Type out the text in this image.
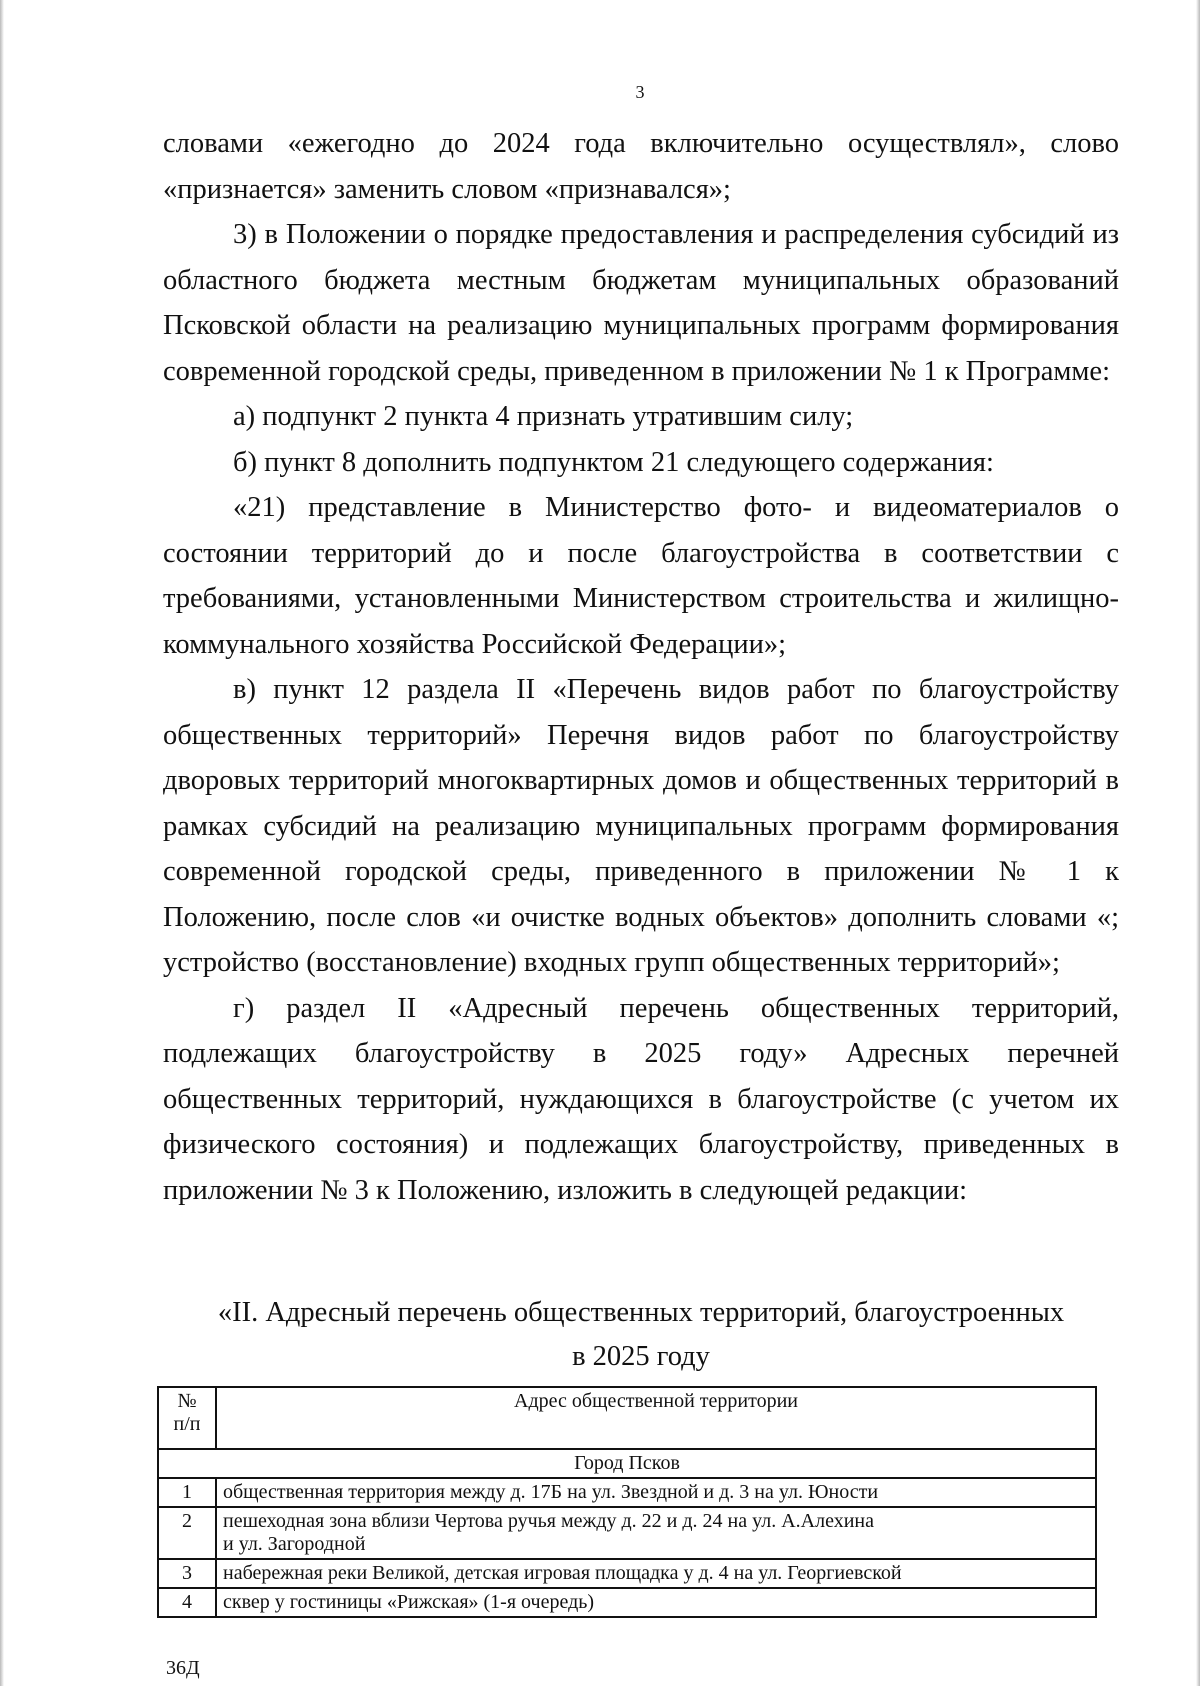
3

словами «ежегодно до 2024 года включительно осуществлял», слово «признается» заменить словом «признавался»;

3) в Положении о порядке предоставления и распределения субсидий из областного бюджета местным бюджетам муниципальных образований Псковской области на реализацию муниципальных программ формирования современной городской среды, приведенном в приложении № 1 к Программе:

а) подпункт 2 пункта 4 признать утратившим силу;

б) пункт 8 дополнить подпунктом 21 следующего содержания:

«21) представление в Министерство фото- и видеоматериалов о состоянии территорий до и после благоустройства в соответствии с требованиями, установленными Министерством строительства и жилищно-коммунального хозяйства Российской Федерации»;

в) пункт 12 раздела II «Перечень видов работ по благоустройству общественных территорий» Перечня видов работ по благоустройству дворовых территорий многоквартирных домов и общественных территорий в рамках субсидий на реализацию муниципальных программ формирования современной городской среды, приведенного в приложении № 1 к Положению, после слов «и очистке водных объектов» дополнить словами «; устройство (восстановление) входных групп общественных территорий»;

г) раздел II «Адресный перечень общественных территорий, подлежащих благоустройству в 2025 году» Адресных перечней общественных территорий, нуждающихся в благоустройстве (с учетом их физического состояния) и подлежащих благоустройству, приведенных в приложении № 3 к Положению, изложить в следующей редакции:

«II. Адресный перечень общественных территорий, благоустроенных
в 2025 году
№
п/п	Адрес общественной территории
Город Псков	
1	общественная территория между д. 17Б на ул. Звездной и д. 3 на ул. Юности
2	пешеходная зона вблизи Чертова ручья между д. 22 и д. 24 на ул. А.Алехина
и ул. Загородной

3	набережная реки Великой, детская игровая площадка у д. 4 на ул. Георгиевской
4	сквер у гостиницы «Рижская» (1-я очередь)
36Д
